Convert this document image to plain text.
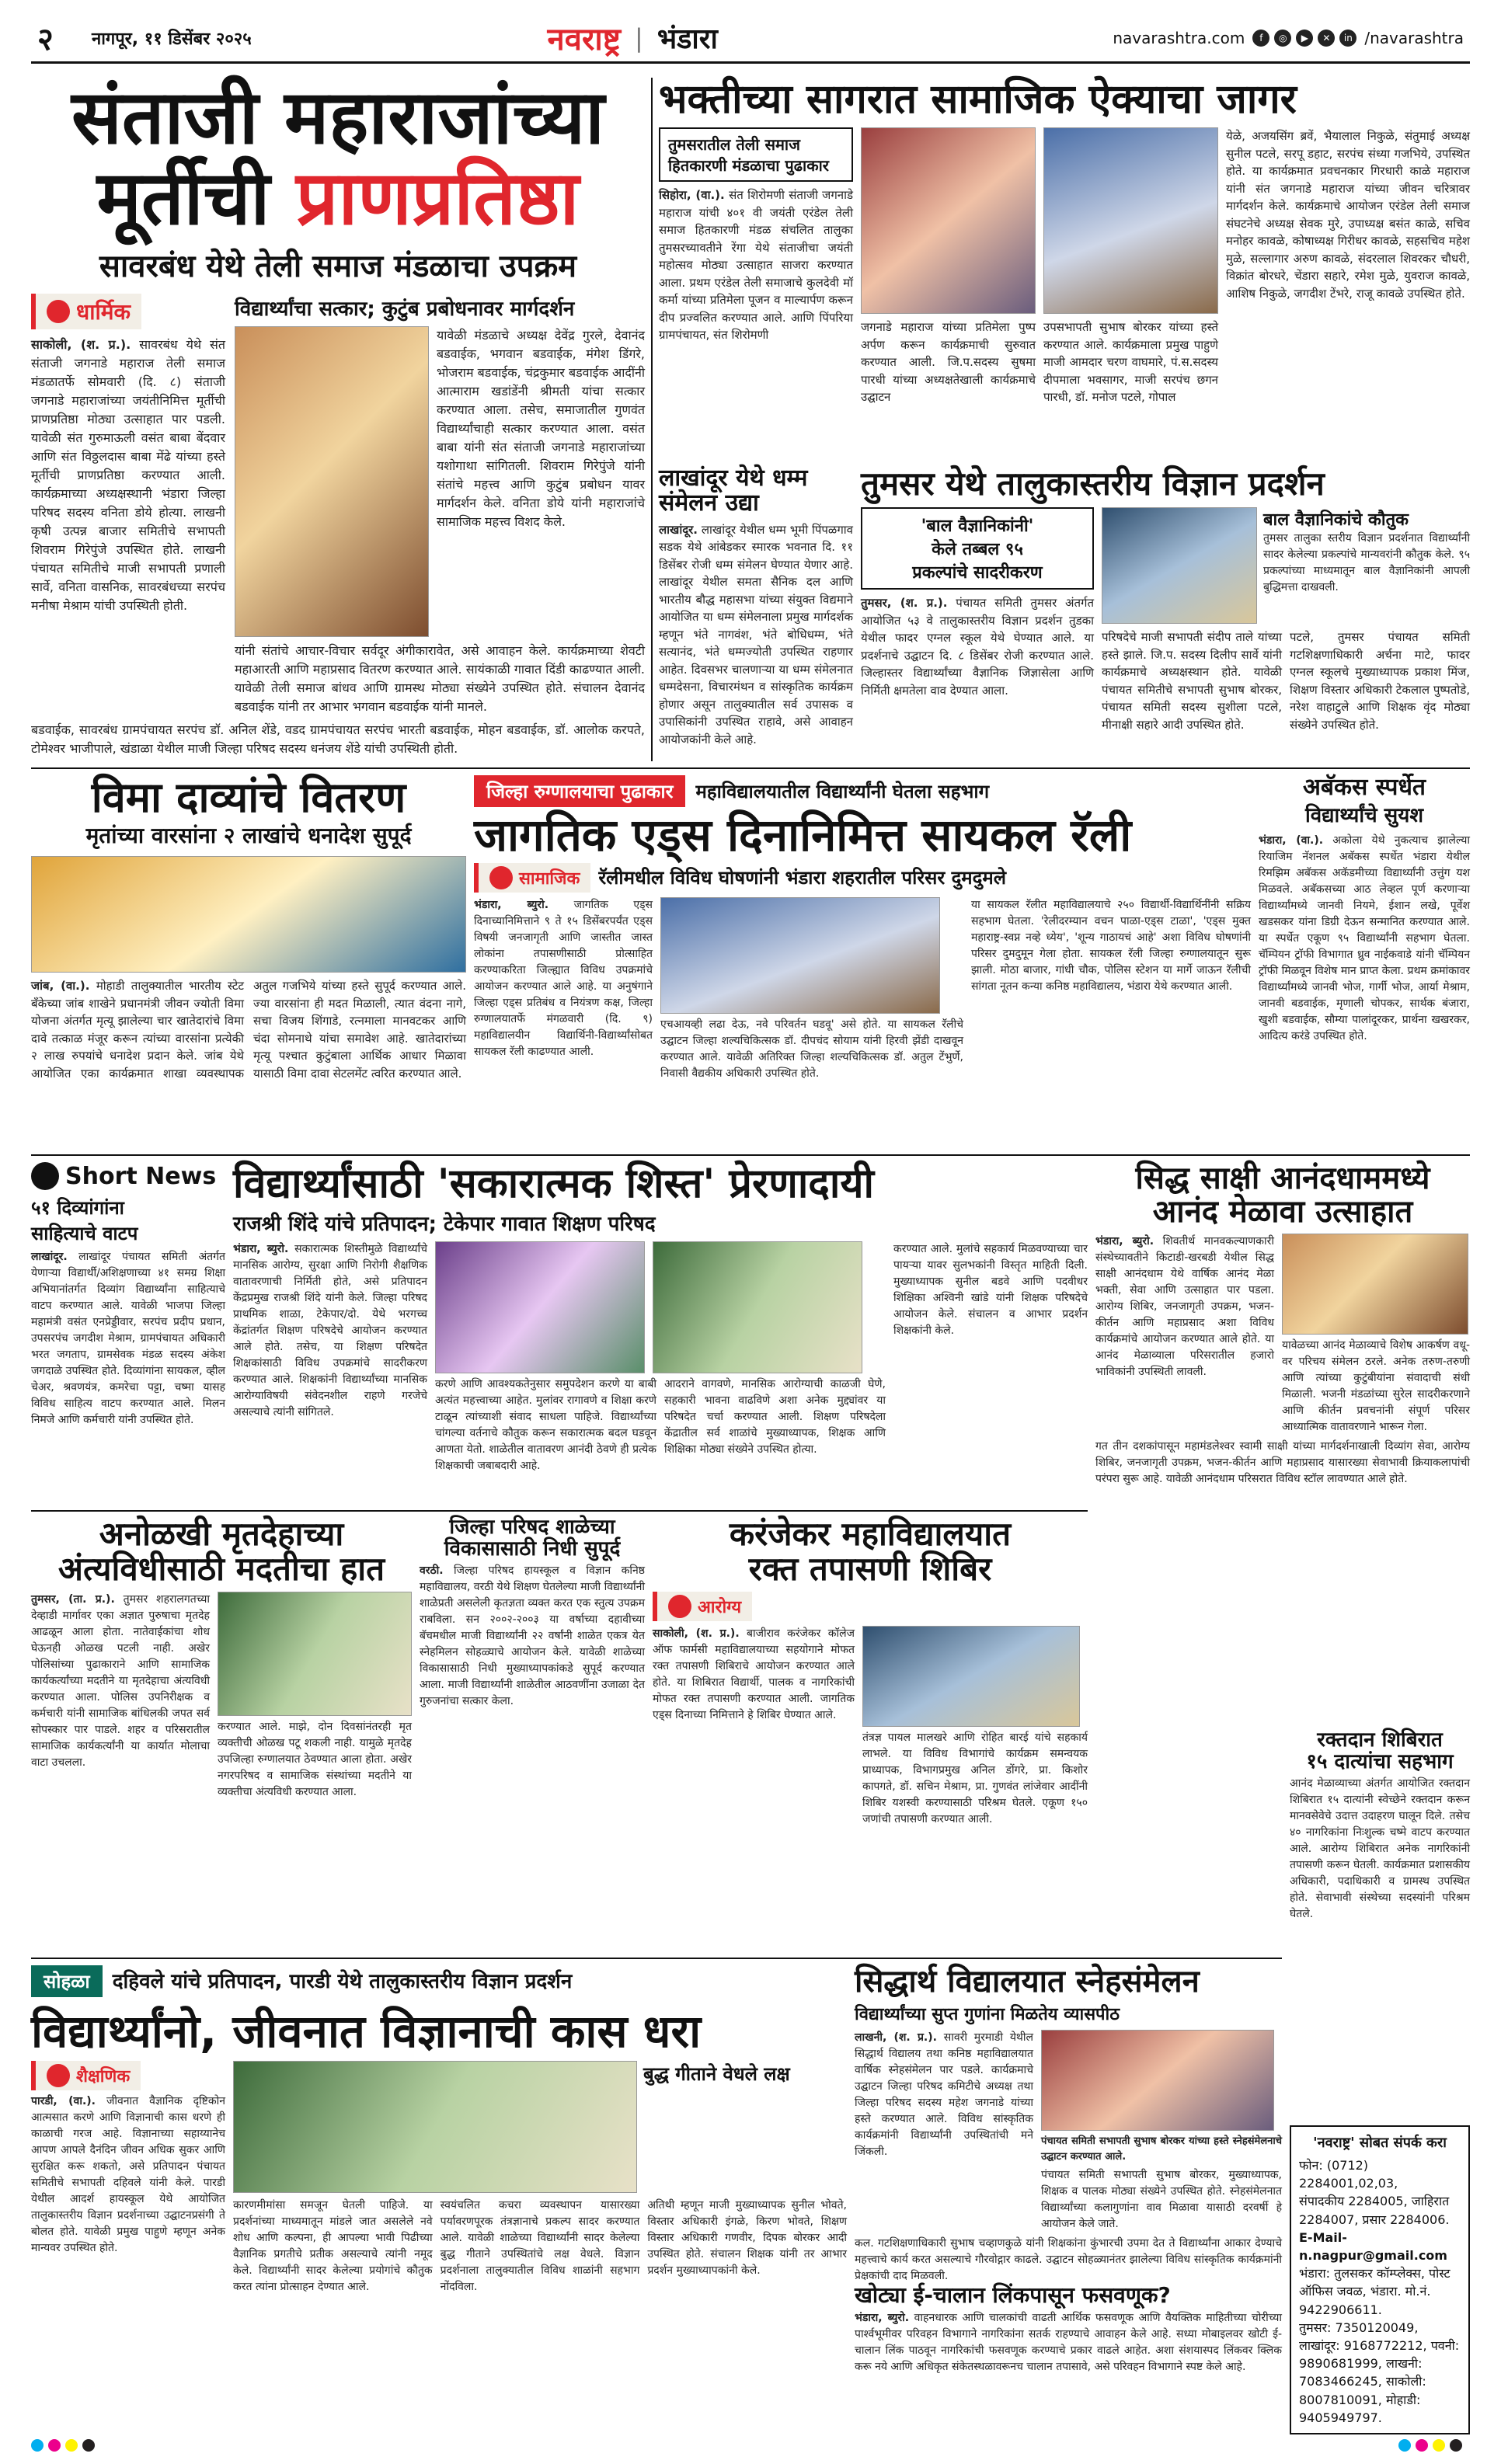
२	नागपूर, ११ डिसेंबर २०२५	नवराष्ट्र | भंडारा	navarashtra.com	f	◎	▶	✕	in /navarashtra
संताजी महाराजांच्या
मूर्तीची प्राणप्रतिष्ठा
सावरबंध येथे तेली समाज मंडळाचा उपक्रम
धार्मिक
साकोली, (श. प्र.). सावरबंध येथे संत संताजी जगनाडे महाराज तेली समाज मंडळातर्फे सोमवारी (दि. ८) संताजी जगनाडे महाराजांच्या जयंतीनिमित्त मूर्तीची प्राणप्रतिष्ठा मोठ्या उत्साहात पार पडली. यावेळी संत गुरुमाऊली वसंत बाबा बेंदवार आणि संत विठ्ठलदास बाबा मेंढे यांच्या हस्ते मूर्तीची प्राणप्रतिष्ठा करण्यात आली. कार्यक्रमाच्या अध्यक्षस्थानी भंडारा जिल्हा परिषद सदस्य वनिता डोये होत्या. लाखनी कृषी उत्पन्न बाजार समितीचे सभापती शिवराम गिरेपुंजे उपस्थित होते. लाखनी पंचायत समितीचे माजी सभापती प्रणाली सार्वे, वनिता वासनिक, सावरबंधच्या सरपंच मनीषा मेश्राम यांची उपस्थिती होती.
विद्यार्थ्यांचा सत्कार; कुटुंब प्रबोधनावर मार्गदर्शन
यावेळी मंडळाचे अध्यक्ष देवेंद्र गुरले, देवानंद बडवाईक, भगवान बडवाईक, मंगेश डिंगरे, भोजराम बडवाईक, चंद्रकुमार बडवाईक आदींनी आत्माराम खडांडेंनी श्रीमती यांचा सत्कार करण्यात आला. तसेच, समाजातील गुणवंत विद्यार्थ्यांचाही सत्कार करण्यात आला. वसंत बाबा यांनी संत संताजी जगनाडे महाराजांच्या यशोगाथा सांगितली. शिवराम गिरेपुंजे यांनी संतांचे महत्त्व आणि कुटुंब प्रबोधन यावर मार्गदर्शन केले. वनिता डोये यांनी महाराजांचे सामाजिक महत्त्व विशद केले.
यांनी संतांचे आचार-विचार सर्वदूर अंगीकारावेत, असे आवाहन केले. कार्यक्रमाच्या शेवटी महाआरती आणि महाप्रसाद वितरण करण्यात आले. सायंकाळी गावात दिंडी काढण्यात आली. यावेळी तेली समाज बांधव आणि ग्रामस्थ मोठ्या संख्येने उपस्थित होते. संचालन देवानंद बडवाईक यांनी तर आभार भगवान बडवाईक यांनी मानले.
बडवाईक, सावरबंध ग्रामपंचायत सरपंच डॉ. अनिल शेंडे, वडद ग्रामपंचायत सरपंच भारती बडवाईक, मोहन बडवाईक, डॉ. आलोक करपते, टोमेश्वर भाजीपाले, खंडाळा येथील माजी जिल्हा परिषद सदस्य धनंजय शेंडे यांची उपस्थिती होती.
भक्तीच्या सागरात सामाजिक ऐक्याचा जागर
तुमसरातील तेली समाज हितकारणी मंडळाचा पुढाकार
सिहोरा, (वा.). संत शिरोमणी संताजी जगनाडे महाराज यांची ४०१ वी जयंती एरंडेल तेली समाज हितकारणी मंडळ संचलित तालुका तुमसरच्यावतीने रेंगा येथे संताजीचा जयंती महोत्सव मोठ्या उत्साहात साजरा करण्यात आला. प्रथम एरंडेल तेली समाजाचे कुलदेवी मॉ कर्मा यांच्या प्रतिमेला पूजन व माल्यार्पण करून दीप प्रज्वलित करण्यात आले. आणि पिंपरिया ग्रामपंचायत, संत शिरोमणी
जगनाडे महाराज यांच्या प्रतिमेला पुष्प अर्पण करून कार्यक्रमाची सुरुवात करण्यात आली. जि.प.सदस्य सुषमा पारधी यांच्या अध्यक्षतेखाली कार्यक्रमाचे उद्घाटन
उपसभापती सुभाष बोरकर यांच्या हस्ते करण्यात आले. कार्यक्रमाला प्रमुख पाहुणे माजी आमदार चरण वाघमारे, पं.स.सदस्य दीपमाला भवसागर, माजी सरपंच छगन पारधी, डॉ. मनोज पटले, गोपाल
येळे, अजयसिंग ब्रवें, भैयालाल निकुळे, संतुमाई अध्यक्ष सुनील पटले, सरपू डहाट, सरपंच संध्या गजभिये, उपस्थित होते. या कार्यक्रमात प्रवचनकार गिरधारी काळे महाराज यांनी संत जगनाडे महाराज यांच्या जीवन चरित्रावर मार्गदर्शन केले. कार्यक्रमाचे आयोजन एरंडेल तेली समाज संघटनेचे अध्यक्ष सेवक मुरे, उपाध्यक्ष बसंत काळे, सचिव मनोहर कावळे, कोषाध्यक्ष गिरीधर कावळे, सहसचिव महेश मुळे, सल्लागार अरुण कावळे, संदरलाल शिवरकर चौधरी, विक्रांत बोरधरे, चेंडारा सहारे, रमेश मुळे, युवराज कावळे, आशिष निकुळे, जगदीश टेंभरे, राजू कावळे उपस्थित होते.
लाखांदूर येथे धम्म संमेलन उद्या
लाखांदूर. लाखांदूर येथील धम्म भूमी पिंपळगाव सडक येथे आंबेडकर स्मारक भवनात दि. ११ डिसेंबर रोजी धम्म संमेलन घेण्यात येणार आहे. लाखांदूर येथील समता सैनिक दल आणि भारतीय बौद्ध महासभा यांच्या संयुक्त विद्यमाने आयोजित या धम्म संमेलनाला प्रमुख मार्गदर्शक म्हणून भंते नागवंश, भंते बोधिधम्म, भंते सत्यानंद, भंते धम्मज्योती उपस्थित राहणार आहेत. दिवसभर चालणाऱ्या या धम्म संमेलनात धम्मदेसना, विचारमंथन व सांस्कृतिक कार्यक्रम होणार असून तालुक्यातील सर्व उपासक व उपासिकांनी उपस्थित राहावे, असे आवाहन आयोजकांनी केले आहे.
तुमसर येथे तालुकास्तरीय विज्ञान प्रदर्शन
'बाल वैज्ञानिकांनी'
केले तब्बल ९५
प्रकल्पांचे सादरीकरण
तुमसर, (श. प्र.). पंचायत समिती तुमसर अंतर्गत आयोजित ५३ वे तालुकास्तरीय विज्ञान प्रदर्शन तुडका येथील फादर एग्नल स्कूल येथे घेण्यात आले. या प्रदर्शनाचे उद्घाटन दि. ८ डिसेंबर रोजी करण्यात आले. जिल्हास्तर विद्यार्थ्यांच्या वैज्ञानिक जिज्ञासेला आणि निर्मिती क्षमतेला वाव देण्यात आला.
बाल वैज्ञानिकांचे कौतुक
तुमसर तालुका स्तरीय विज्ञान प्रदर्शनात विद्यार्थ्यांनी सादर केलेल्या प्रकल्पांचे मान्यवरांनी कौतुक केले. ९५ प्रकल्पांच्या माध्यमातून बाल वैज्ञानिकांनी आपली बुद्धिमत्ता दाखवली.
परिषदेचे माजी सभापती संदीप ताले यांच्या हस्ते झाले. जि.प. सदस्य दिलीप सार्वे यांनी कार्यक्रमाचे अध्यक्षस्थान होते. यावेळी पंचायत समितीचे सभापती सुभाष बोरकर, पंचायत समिती सदस्य सुशीला पटले, मीनाक्षी सहारे आदी उपस्थित होते.
पटले, तुमसर पंचायत समिती गटशिक्षणाधिकारी अर्चना माटे, फादर एग्नल स्कूलचे मुख्याध्यापक प्रकाश मिंज, शिक्षण विस्तार अधिकारी टेकलाल पुष्पतोडे, नरेश वाहाटुले आणि शिक्षक वृंद मोठ्या संख्येने उपस्थित होते.
विमा दाव्यांचे वितरण
मृतांच्या वारसांना २ लाखांचे धनादेश सुपूर्द
जांब, (वा.). मोहाडी तालुक्यातील भारतीय स्टेट बँकेच्या जांब शाखेने प्रधानमंत्री जीवन ज्योती विमा योजना अंतर्गत मृत्यू झालेल्या चार खातेदारांचे विमा दावे तत्काळ मंजूर करून त्यांच्या वारसांना प्रत्येकी २ लाख रुपयांचे धनादेश प्रदान केले. जांब येथे आयोजित एका कार्यक्रमात शाखा व्यवस्थापक अतुल गजभिये यांच्या हस्ते सुपूर्द करण्यात आले. ज्या वारसांना ही मदत मिळाली, त्यात वंदना नागे, सचा विजय शिंगाडे, रत्नमाला मानवटकर आणि चंदा सोमनाथे यांचा समावेश आहे. खातेदारांच्या मृत्यू पश्चात कुटुंबाला आर्थिक आधार मिळावा यासाठी विमा दावा सेटलमेंट त्वरित करण्यात आले.
जिल्हा रुग्णालयाचा पुढाकार महाविद्यालयातील विद्यार्थ्यांनी घेतला सहभाग
जागतिक एड्स दिनानिमित्त सायकल रॅली
सामाजिक रॅलीमधील विविध घोषणांनी भंडारा शहरातील परिसर दुमदुमले
भंडारा, ब्युरो. जागतिक एड्स दिनाच्यानिमित्ताने ९ ते १५ डिसेंबरपर्यंत एड्स विषयी जनजागृती आणि जास्तीत जास्त लोकांना तपासणीसाठी प्रोत्साहित करण्याकरिता जिल्ह्यात विविध उपक्रमांचे आयोजन करण्यात आले आहे. या अनुषंगाने जिल्हा एड्स प्रतिबंध व नियंत्रण कक्ष, जिल्हा रुग्णालयातर्फे मंगळवारी (दि. ९) महाविद्यालयीन विद्यार्थिनी-विद्यार्थ्यांसोबत सायकल रॅली काढण्यात आली.
एचआयव्ही लढा देऊ, नवे परिवर्तन घडवू' असे होते. या सायकल रॅलीचे उद्घाटन जिल्हा शल्यचिकित्सक डॉ. दीपचंद सोयाम यांनी हिरवी झेंडी दाखवून करण्यात आले. यावेळी अतिरिक्त जिल्हा शल्यचिकित्सक डॉ. अतुल टेंभुर्णे, निवासी वैद्यकीय अधिकारी उपस्थित होते.
या सायकल रॅलीत महाविद्यालयाचे २५० विद्यार्थी-विद्यार्थिनींनी सक्रिय सहभाग घेतला. 'रेलीदरम्यान वचन पाळा-एड्स टाळा', 'एड्स मुक्त महाराष्ट्र-स्वप्न नव्हे ध्येय', 'शून्य गाठायचं आहे' अशा विविध घोषणांनी परिसर दुमदुमून गेला होता. सायकल रॅली जिल्हा रुग्णालयातून सुरू झाली. मोठा बाजार, गांधी चौक, पोलिस स्टेशन या मार्गे जाऊन रॅलीची सांगता नूतन कन्या कनिष्ठ महाविद्यालय, भंडारा येथे करण्यात आली.
अबॅकस स्पर्धेत
विद्यार्थ्यांचे सुयश
भंडारा, (वा.). अकोला येथे नुकत्याच झालेल्या रियाजिम नॅशनल अबॅकस स्पर्धेत भंडारा येथील रिमझिम अबॅकस अकॅडमीच्या विद्यार्थ्यांनी उत्तुंग यश मिळवले. अबॅकसच्या आठ लेव्हल पूर्ण करणाऱ्या विद्यार्थ्यांमध्ये जानवी नियमे, ईशान लखे, पूर्वेश खडसकर यांना डिग्री देऊन सन्मानित करण्यात आले. या स्पर्धेत एकूण ९५ विद्यार्थ्यांनी सहभाग घेतला. चॅम्पियन ट्रॉफी विभागात ध्रुव नाईकवाडे यांनी चॅम्पियन ट्रॉफी मिळवून विशेष मान प्राप्त केला. प्रथम क्रमांकावर विद्यार्थ्यांमध्ये जानवी भोज, गार्गी भोज, आर्या मेश्राम, जानवी बडवाईक, मृणाली चोपकर, सार्थक बंजारा, खुशी बडवाईक, सौम्या पालांदूरकर, प्रार्थना खखरकर, आदित्य करंडे उपस्थित होते.
Short News
५१ दिव्यांगांना
साहित्याचे वाटप
लाखांदूर. लाखांदूर पंचायत समिती अंतर्गत येणाऱ्या विद्यार्थी/अशिक्षणाच्या ४१ समग्र शिक्षा अभियानांतर्गत दिव्यांग विद्यार्थ्यांना साहित्याचे वाटप करण्यात आले. यावेळी भाजपा जिल्हा महामंत्री वसंत एनप्रेड्डीवार, सरपंच प्रदीप प्रधान, उपसरपंच जगदीश मेश्राम, ग्रामपंचायत अधिकारी भरत जगताप, ग्रामसेवक मंडळ सदस्य अंकेश जगदाळे उपस्थित होते. दिव्यांगांना सायकल, व्हील चेअर, श्रवणयंत्र, कमरेचा पट्टा, चष्मा यासह विविध साहित्य वाटप करण्यात आले. मिलन निमजे आणि कर्मचारी यांनी उपस्थित होते.
विद्यार्थ्यांसाठी 'सकारात्मक शिस्त' प्रेरणादायी
राजश्री शिंदे यांचे प्रतिपादन; टेकेपार गावात शिक्षण परिषद
भंडारा, ब्युरो. सकारात्मक शिस्तीमुळे विद्यार्थ्यांचे मानसिक आरोग्य, सुरक्षा आणि निरोगी शैक्षणिक वातावरणाची निर्मिती होते, असे प्रतिपादन केंद्रप्रमुख राजश्री शिंदे यांनी केले. जिल्हा परिषद प्राथमिक शाळा, टेकेपार/दो. येथे भरगच्च केंद्रांतर्गत शिक्षण परिषदेचे आयोजन करण्यात आले होते. तसेच, या शिक्षण परिषदेत शिक्षकांसाठी विविध उपक्रमांचे सादरीकरण करण्यात आले. शिक्षकांनी विद्यार्थ्यांच्या मानसिक आरोग्याविषयी संवेदनशील राहणे गरजेचे असल्याचे त्यांनी सांगितले.
करणे आणि आवश्यकतेनुसार समुपदेशन करणे या बाबी अत्यंत महत्त्वाच्या आहेत. मुलांवर रागावणे व शिक्षा करणे टाळून त्यांच्याशी संवाद साधला पाहिजे. विद्यार्थ्यांच्या चांगल्या वर्तनाचे कौतुक करून सकारात्मक बदल घडवून आणता येतो. शाळेतील वातावरण आनंदी ठेवणे ही प्रत्येक शिक्षकाची जबाबदारी आहे.
आदराने वागवणे, मानसिक आरोग्याची काळजी घेणे, सहकारी भावना वाढविणे अशा अनेक मुद्द्यांवर या परिषदेत चर्चा करण्यात आली. शिक्षण परिषदेला केंद्रातील सर्व शाळांचे मुख्याध्यापक, शिक्षक आणि शिक्षिका मोठ्या संख्येने उपस्थित होत्या.
करण्यात आले. मुलांचे सहकार्य मिळवण्याच्या चार पायऱ्या यावर सुलभकांनी विस्तृत माहिती दिली. मुख्याध्यापक सुनील बडवे आणि पदवीधर शिक्षिका अश्विनी खांडे यांनी शिक्षक परिषदेचे आयोजन केले. संचालन व आभार प्रदर्शन शिक्षकांनी केले.
सिद्ध साक्षी आनंदधाममध्ये
आनंद मेळावा उत्साहात
भंडारा, ब्युरो. शिवतीर्थ मानवकल्याणकारी संस्थेच्यावतीने किटाडी-खरबडी येथील सिद्ध साक्षी आनंदधाम येथे वार्षिक आनंद मेळा भक्ती, सेवा आणि उत्साहात पार पडला. आरोग्य शिबिर, जनजागृती उपक्रम, भजन-कीर्तन आणि महाप्रसाद अशा विविध कार्यक्रमांचे आयोजन करण्यात आले होते. या आनंद मेळाव्याला परिसरातील हजारो भाविकांनी उपस्थिती लावली.
यावेळच्या आनंद मेळाव्याचे विशेष आकर्षण वधू-वर परिचय संमेलन ठरले. अनेक तरुण-तरुणी आणि त्यांच्या कुटुंबीयांना संवादाची संधी मिळाली. भजनी मंडळांच्या सुरेल सादरीकरणाने आणि कीर्तन प्रवचनांनी संपूर्ण परिसर आध्यात्मिक वातावरणाने भारून गेला.
गत तीन दशकांपासून महामंडलेश्वर स्वामी साक्षी यांच्या मार्गदर्शनाखाली दिव्यांग सेवा, आरोग्य शिबिर, जनजागृती उपक्रम, भजन-कीर्तन आणि महाप्रसाद यासारख्या सेवाभावी क्रियाकलापांची परंपरा सुरू आहे. यावेळी आनंदधाम परिसरात विविध स्टॉल लावण्यात आले होते.
रक्तदान शिबिरात
१५ दात्यांचा सहभाग
आनंद मेळाव्याच्या अंतर्गत आयोजित रक्तदान शिबिरात १५ दात्यांनी स्वेच्छेने रक्तदान करून मानवसेवेचे उदात्त उदाहरण घालून दिले. तसेच ४० नागरिकांना निःशुल्क चष्मे वाटप करण्यात आले. आरोग्य शिबिरात अनेक नागरिकांनी तपासणी करून घेतली. कार्यक्रमात प्रशासकीय अधिकारी, पदाधिकारी व ग्रामस्थ उपस्थित होते. सेवाभावी संस्थेच्या सदस्यांनी परिश्रम घेतले.
अनोळखी मृतदेहाच्या
अंत्यविधीसाठी मदतीचा हात
तुमसर, (ता. प्र.). तुमसर शहरालगतच्या देव्हाडी मार्गावर एका अज्ञात पुरुषाचा मृतदेह आढळून आला होता. नातेवाईकांचा शोध घेऊनही ओळख पटली नाही. अखेर पोलिसांच्या पुढाकाराने आणि सामाजिक कार्यकर्त्यांच्या मदतीने या मृतदेहाचा अंत्यविधी करण्यात आला. पोलिस उपनिरीक्षक व कर्मचारी यांनी सामाजिक बांधिलकी जपत सर्व सोपस्कार पार पाडले. शहर व परिसरातील सामाजिक कार्यकर्त्यांनी या कार्यात मोलाचा वाटा उचलला.
करण्यात आले. माझे, दोन दिवसांनंतरही मृत व्यक्तीची ओळख पटू शकली नाही. यामुळे मृतदेह उपजिल्हा रुग्णालयात ठेवण्यात आला होता. अखेर नगरपरिषद व सामाजिक संस्थांच्या मदतीने या व्यक्तीचा अंत्यविधी करण्यात आला.
जिल्हा परिषद शाळेच्या
विकासासाठी निधी सुपूर्द
वरठी. जिल्हा परिषद हायस्कूल व विज्ञान कनिष्ठ महाविद्यालय, वरठी येथे शिक्षण घेतलेल्या माजी विद्यार्थ्यांनी शाळेप्रती असलेली कृतज्ञता व्यक्त करत एक स्तुत्य उपक्रम राबविला. सन २००२-२००३ या वर्षाच्या दहावीच्या बॅचमधील माजी विद्यार्थ्यांनी २२ वर्षांनी शाळेत एकत्र येत स्नेहमिलन सोहळ्याचे आयोजन केले. यावेळी शाळेच्या विकासासाठी निधी मुख्याध्यापकांकडे सुपूर्द करण्यात आला. माजी विद्यार्थ्यांनी शाळेतील आठवणींना उजाळा देत गुरुजनांचा सत्कार केला.
करंजेकर महाविद्यालयात
रक्त तपासणी शिबिर
आरोग्य
साकोली, (श. प्र.). बाजीराव करंजेकर कॉलेज ऑफ फार्मसी महाविद्यालयाच्या सहयोगाने मोफत रक्त तपासणी शिबिराचे आयोजन करण्यात आले होते. या शिबिरात विद्यार्थी, पालक व नागरिकांची मोफत रक्त तपासणी करण्यात आली. जागतिक एड्स दिनाच्या निमित्ताने हे शिबिर घेण्यात आले.
तंत्रज्ञ पायल मालखरे आणि रोहित बारई यांचे सहकार्य लाभले. या विविध विभागांचे कार्यक्रम समन्वयक प्राध्यापक, विभागप्रमुख अनिल डोंगरे, प्रा. किशोर कापगते, डॉ. सचिन मेश्राम, प्रा. गुणवंत लांजेवार आदींनी शिबिर यशस्वी करण्यासाठी परिश्रम घेतले. एकूण १५० जणांची तपासणी करण्यात आली.
सोहळा दहिवले यांचे प्रतिपादन, पारडी येथे तालुकास्तरीय विज्ञान प्रदर्शन
विद्यार्थ्यांनो, जीवनात विज्ञानाची कास धरा
शैक्षणिक
पारडी, (वा.). जीवनात वैज्ञानिक दृष्टिकोन आत्मसात करणे आणि विज्ञानाची कास धरणे ही काळाची गरज आहे. विज्ञानाच्या सहाय्यानेच आपण आपले दैनंदिन जीवन अधिक सुकर आणि सुरक्षित करू शकतो, असे प्रतिपादन पंचायत समितीचे सभापती दहिवले यांनी केले. पारडी येथील आदर्श हायस्कूल येथे आयोजित तालुकास्तरीय विज्ञान प्रदर्शनाच्या उद्घाटनप्रसंगी ते बोलत होते. यावेळी प्रमुख पाहुणे म्हणून अनेक मान्यवर उपस्थित होते.
बुद्ध गीताने वेधले लक्ष
कारणमीमांसा समजून घेतली पाहिजे. या प्रदर्शनांच्या माध्यमातून मांडले जात असलेले नवे शोध आणि कल्पना, ही आपल्या भावी पिढीच्या वैज्ञानिक प्रगतीचे प्रतीक असल्याचे त्यांनी नमूद केले. विद्यार्थ्यांनी सादर केलेल्या प्रयोगांचे कौतुक करत त्यांना प्रोत्साहन देण्यात आले.
स्वयंचलित कचरा व्यवस्थापन यासारख्या पर्यावरणपूरक तंत्रज्ञानाचे प्रकल्प सादर करण्यात आले. यावेळी शाळेच्या विद्यार्थ्यांनी सादर केलेल्या बुद्ध गीताने उपस्थितांचे लक्ष वेधले. विज्ञान प्रदर्शनाला तालुक्यातील विविध शाळांनी सहभाग नोंदविला.
अतिथी म्हणून माजी मुख्याध्यापक सुनील भोवते, विस्तार अधिकारी इंगळे, किरण भोवते, शिक्षण विस्तार अधिकारी गणवीर, दिपक बोरकर आदी उपस्थित होते. संचालन शिक्षक यांनी तर आभार प्रदर्शन मुख्याध्यापकांनी केले.
सिद्धार्थ विद्यालयात स्नेहसंमेलन
विद्यार्थ्यांच्या सुप्त गुणांना मिळतेय व्यासपीठ
लाखनी, (श. प्र.). सावरी मुरमाडी येथील सिद्धार्थ विद्यालय तथा कनिष्ठ महाविद्यालयात वार्षिक स्नेहसंमेलन पार पडले. कार्यक्रमाचे उद्घाटन जिल्हा परिषद कमिटीचे अध्यक्ष तथा जिल्हा परिषद सदस्य महेश जगनाडे यांच्या हस्ते करण्यात आले. विविध सांस्कृतिक कार्यक्रमांनी विद्यार्थ्यांनी उपस्थितांची मने जिंकली.
पंचायत समिती सभापती सुभाष बोरकर यांच्या हस्ते स्नेहसंमेलनाचे उद्घाटन करण्यात आले.
पंचायत समिती सभापती सुभाष बोरकर, मुख्याध्यापक, शिक्षक व पालक मोठ्या संख्येने उपस्थित होते. स्नेहसंमेलनात विद्यार्थ्यांच्या कलागुणांना वाव मिळावा यासाठी दरवर्षी हे आयोजन केले जाते.
कल. गटशिक्षणाधिकारी सुभाष चव्हाणकुळे यांनी शिक्षकांना कुंभारची उपमा देत ते विद्यार्थ्यांना आकार देण्याचे महत्त्वाचे कार्य करत असल्याचे गौरवोद्गार काढले. उद्घाटन सोहळ्यानंतर झालेल्या विविध सांस्कृतिक कार्यक्रमांनी प्रेक्षकांची दाद मिळवली.
खोट्या ई-चालान लिंकपासून फसवणूक?
भंडारा, ब्युरो. वाहनधारक आणि चालकांची वाढती आर्थिक फसवणूक आणि वैयक्तिक माहितीच्या चोरीच्या पार्श्वभूमीवर परिवहन विभागाने नागरिकांना सतर्क राहण्याचे आवाहन केले आहे. सध्या मोबाइलवर खोटी ई-चालान लिंक पाठवून नागरिकांची फसवणूक करण्याचे प्रकार वाढले आहेत. अशा संशयास्पद लिंकवर क्लिक करू नये आणि अधिकृत संकेतस्थळावरूनच चालान तपासावे, असे परिवहन विभागाने स्पष्ट केले आहे.
'नवराष्ट्र' सोबत संपर्क करा
फोन: (0712) 2284001,02,03,
संपादकीय 2284005, जाहिरात 2284007, प्रसार 2284006.
E-Mail-n.nagpur@gmail.com
भंडारा: तुलसकर कॉम्प्लेक्स, पोस्ट ऑफिस जवळ, भंडारा. मो.नं. 9422906611.
तुमसर: 7350120049, लाखांदूर: 9168772212, पवनी: 9890681999, लाखनी: 7083466245, साकोली: 8007810091, मोहाडी: 9405949797.
